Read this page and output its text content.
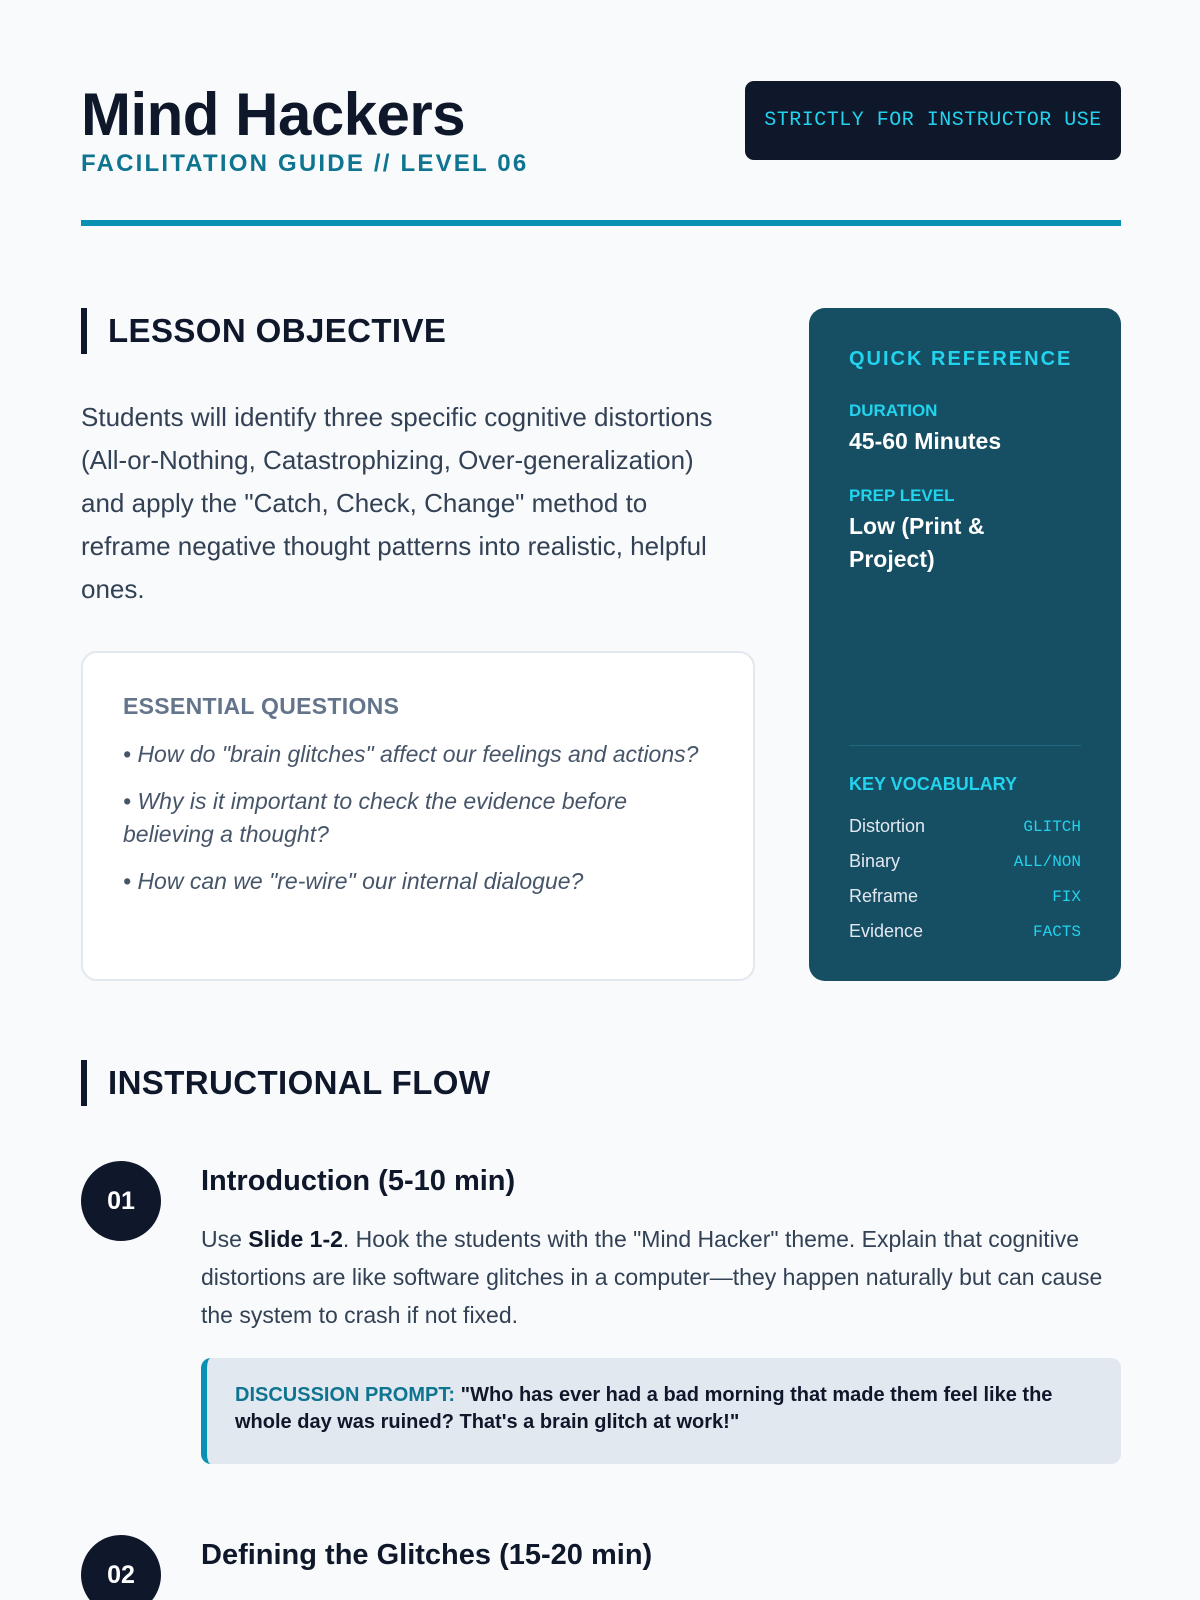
Mind Hackers
FACILITATION GUIDE // LEVEL 06
STRICTLY FOR INSTRUCTOR USE
LESSON OBJECTIVE

Students will identify three specific cognitive distortions (All-or-Nothing, Catastrophizing, Over-generalization) and apply the "Catch, Check, Change" method to reframe negative thought patterns into realistic, helpful ones.

ESSENTIAL QUESTIONS
• How do "brain glitches" affect our feelings and actions?
• Why is it important to check the evidence before believing a thought?
• How can we "re-wire" our internal dialogue?
QUICK REFERENCE
DURATION
45-60 Minutes
PREP LEVEL
Low (Print & Project)
KEY VOCABULARY
Distortion	GLITCH
Binary	ALL/NON
Reframe	FIX
Evidence	FACTS
INSTRUCTIONAL FLOW
01
Introduction (5-10 min)

Use Slide 1-2. Hook the students with the "Mind Hacker" theme. Explain that cognitive distortions are like software glitches in a computer—they happen naturally but can cause the system to crash if not fixed.

DISCUSSION PROMPT: "Who has ever had a bad morning that made them feel like the whole day was ruined? That's a brain glitch at work!"
02
Defining the Glitches (15-20 min)
